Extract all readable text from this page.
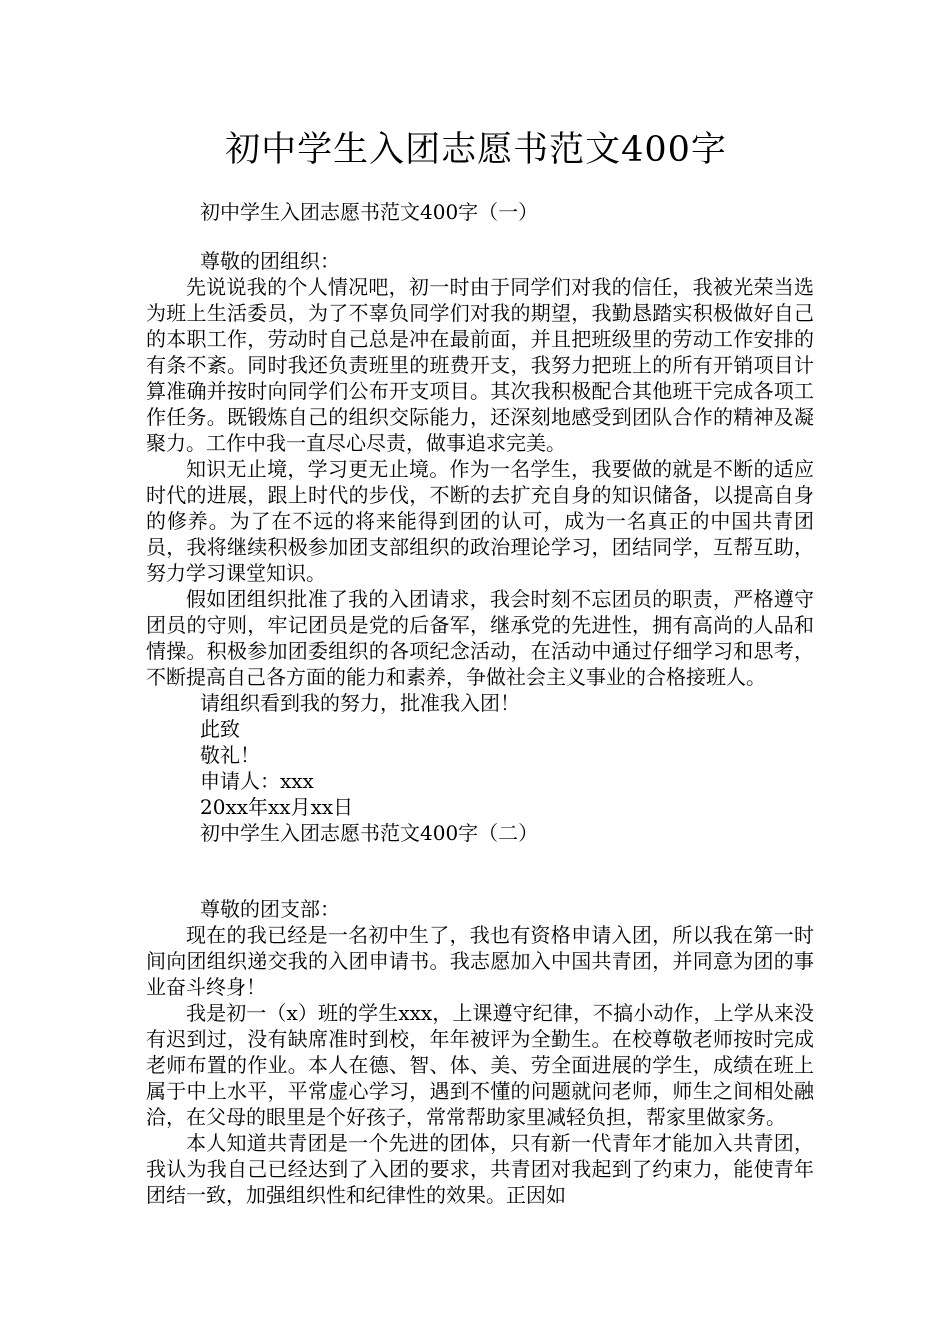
初中学生入团志愿书范文400字
初中学生入团志愿书范文400字（一）

尊敬的团组织：

先说说我的个人情况吧，初一时由于同学们对我的信任，我被光荣当选为班上生活委员，为了不辜负同学们对我的期望，我勤恳踏实积极做好自己的本职工作，劳动时自己总是冲在最前面，并且把班级里的劳动工作安排的有条不紊。同时我还负责班里的班费开支，我努力把班上的所有开销项目计算准确并按时向同学们公布开支项目。其次我积极配合其他班干完成各项工作任务。既锻炼自己的组织交际能力，还深刻地感受到团队合作的精神及凝聚力。工作中我一直尽心尽责，做事追求完美。

知识无止境，学习更无止境。作为一名学生，我要做的就是不断的适应时代的进展，跟上时代的步伐，不断的去扩充自身的知识储备，以提高自身的修养。为了在不远的将来能得到团的认可，成为一名真正的中国共青团员，我将继续积极参加团支部组织的政治理论学习，团结同学，互帮互助，努力学习课堂知识。

假如团组织批准了我的入团请求，我会时刻不忘团员的职责，严格遵守团员的守则，牢记团员是党的后备军，继承党的先进性，拥有高尚的人品和情操。积极参加团委组织的各项纪念活动，在活动中通过仔细学习和思考，不断提高自己各方面的能力和素养，争做社会主义事业的合格接班人。

请组织看到我的努力，批准我入团！

此致

敬礼！

申请人：xxx

20xx年xx月xx日

初中学生入团志愿书范文400字（二）

尊敬的团支部：

现在的我已经是一名初中生了，我也有资格申请入团，所以我在第一时间向团组织递交我的入团申请书。我志愿加入中国共青团，并同意为团的事业奋斗终身！

我是初一（x）班的学生xxx，上课遵守纪律，不搞小动作，上学从来没有迟到过，没有缺席准时到校，年年被评为全勤生。在校尊敬老师按时完成老师布置的作业。本人在德、智、体、美、劳全面进展的学生，成绩在班上属于中上水平，平常虚心学习，遇到不懂的问题就问老师，师生之间相处融洽，在父母的眼里是个好孩子，常常帮助家里减轻负担，帮家里做家务。

本人知道共青团是一个先进的团体，只有新一代青年才能加入共青团，我认为我自己已经达到了入团的要求，共青团对我起到了约束力，能使青年团结一致，加强组织性和纪律性的效果。正因如
